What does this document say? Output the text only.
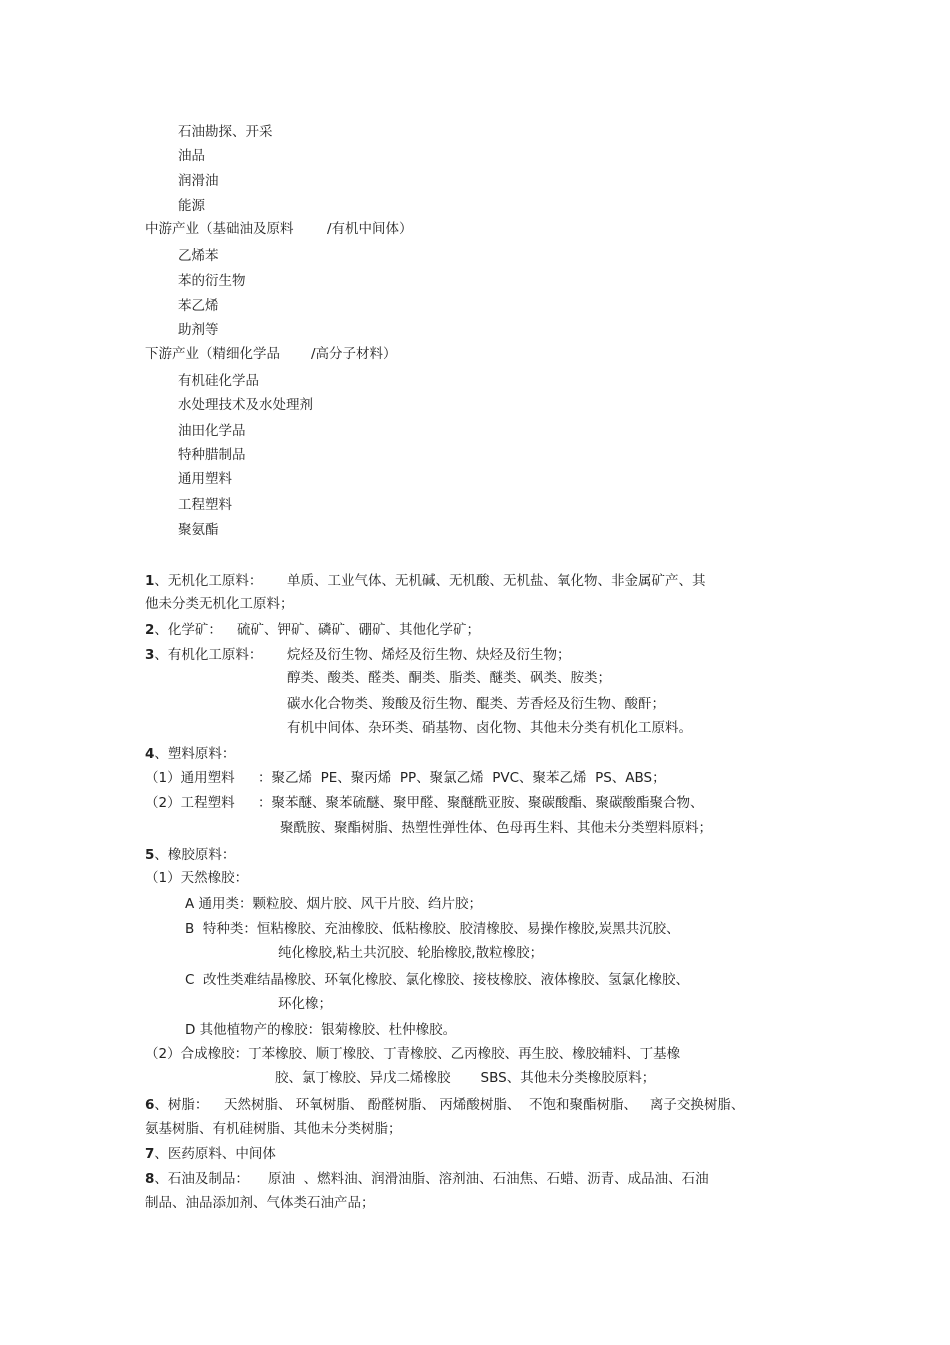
石油勘探、开采
油品
润滑油
能源
中游产业（基础油及原料 /有机中间体）
乙烯苯
苯的衍生物
苯乙烯
助剂等
下游产业（精细化学品 /高分子材料）
有机硅化学品
水处理技术及水处理剂
油田化学品
特种腊制品
通用塑料
工程塑料
聚氨酯
1、无机化工原料： 单质、工业气体、无机碱、无机酸、无机盐、氧化物、非金属矿产、其
他未分类无机化工原料；
2、化学矿： 硫矿、钾矿、磷矿、硼矿、其他化学矿；
3、有机化工原料： 烷烃及衍生物、烯烃及衍生物、炔烃及衍生物；
醇类、酸类、醛类、酮类、脂类、醚类、砜类、胺类；
碳水化合物类、羧酸及衍生物、醌类、芳香烃及衍生物、酸酐；
有机中间体、杂环类、硝基物、卤化物、其他未分类有机化工原料。
4、塑料原料：
（1）通用塑料 ：聚乙烯  PE、聚丙烯  PP、聚氯乙烯  PVC、聚苯乙烯  PS、ABS；
（2）工程塑料 ：聚苯醚、聚苯硫醚、聚甲醛、聚醚酰亚胺、聚碳酸酯、聚碳酸酯聚合物、
聚酰胺、聚酯树脂、热塑性弹性体、色母再生料、其他未分类塑料原料；
5、橡胶原料：
（1）天然橡胶：
A 通用类：颗粒胶、烟片胶、风干片胶、绉片胶；
B  特种类：恒粘橡胶、充油橡胶、低粘橡胶、胶清橡胶、易操作橡胶,炭黑共沉胶、
纯化橡胶,粘土共沉胶、轮胎橡胶,散粒橡胶；
C  改性类难结晶橡胶、环氧化橡胶、氯化橡胶、接枝橡胶、液体橡胶、氢氯化橡胶、
环化橡；
D 其他植物产的橡胶：银菊橡胶、杜仲橡胶。
（2）合成橡胶：丁苯橡胶、顺丁橡胶、丁青橡胶、乙丙橡胶、再生胶、橡胶辅料、丁基橡
胶、氯丁橡胶、异戊二烯橡胶       SBS、其他未分类橡胶原料；
6、树脂： 天然树脂、 环氧树脂、 酚醛树脂、 丙烯酸树脂、  不饱和聚酯树脂、   离子交换树脂、
氨基树脂、有机硅树脂、其他未分类树脂；
7、医药原料、中间体
8、石油及制品： 原油  、燃料油、润滑油脂、溶剂油、石油焦、石蜡、沥青、成品油、石油
制品、油品添加剂、气体类石油产品；
